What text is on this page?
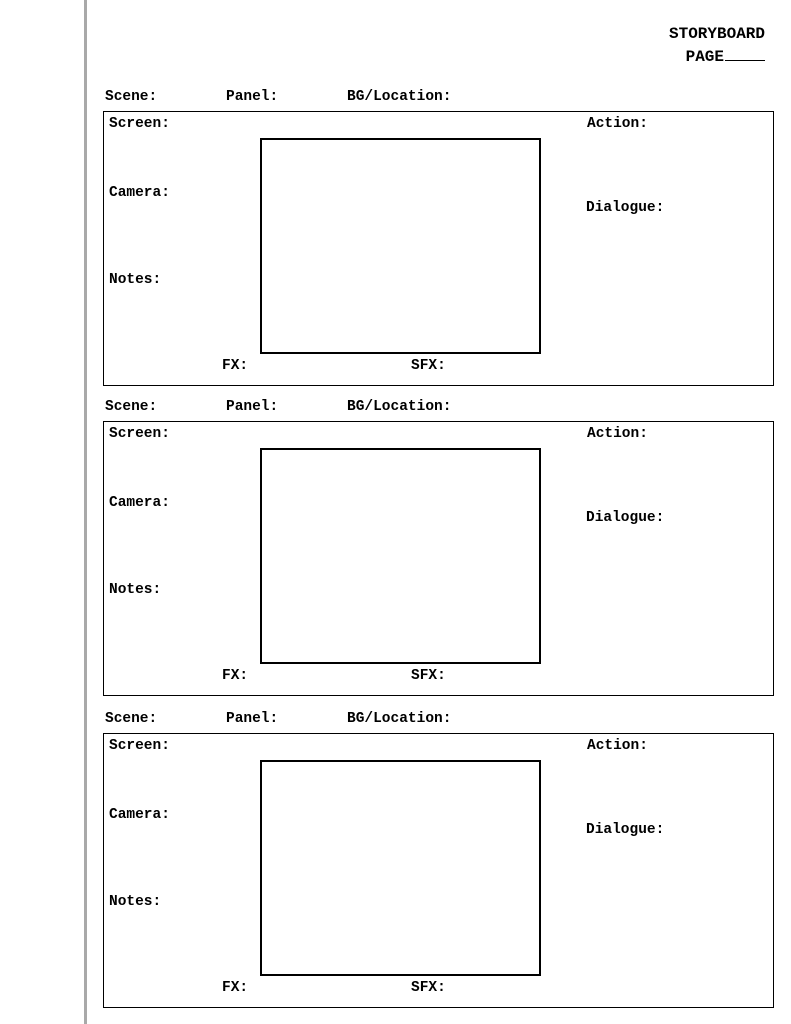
STORYBOARD
PAGE
Scene:	Panel:	BG/Location:
Screen:
Camera:
Notes:
Action:
Dialogue:
FX:	SFX:
Scene:	Panel:	BG/Location:
Screen:
Camera:
Notes:
Action:
Dialogue:
FX:	SFX:
Scene:	Panel:	BG/Location:
Screen:
Camera:
Notes:
Action:
Dialogue:
FX:	SFX:
